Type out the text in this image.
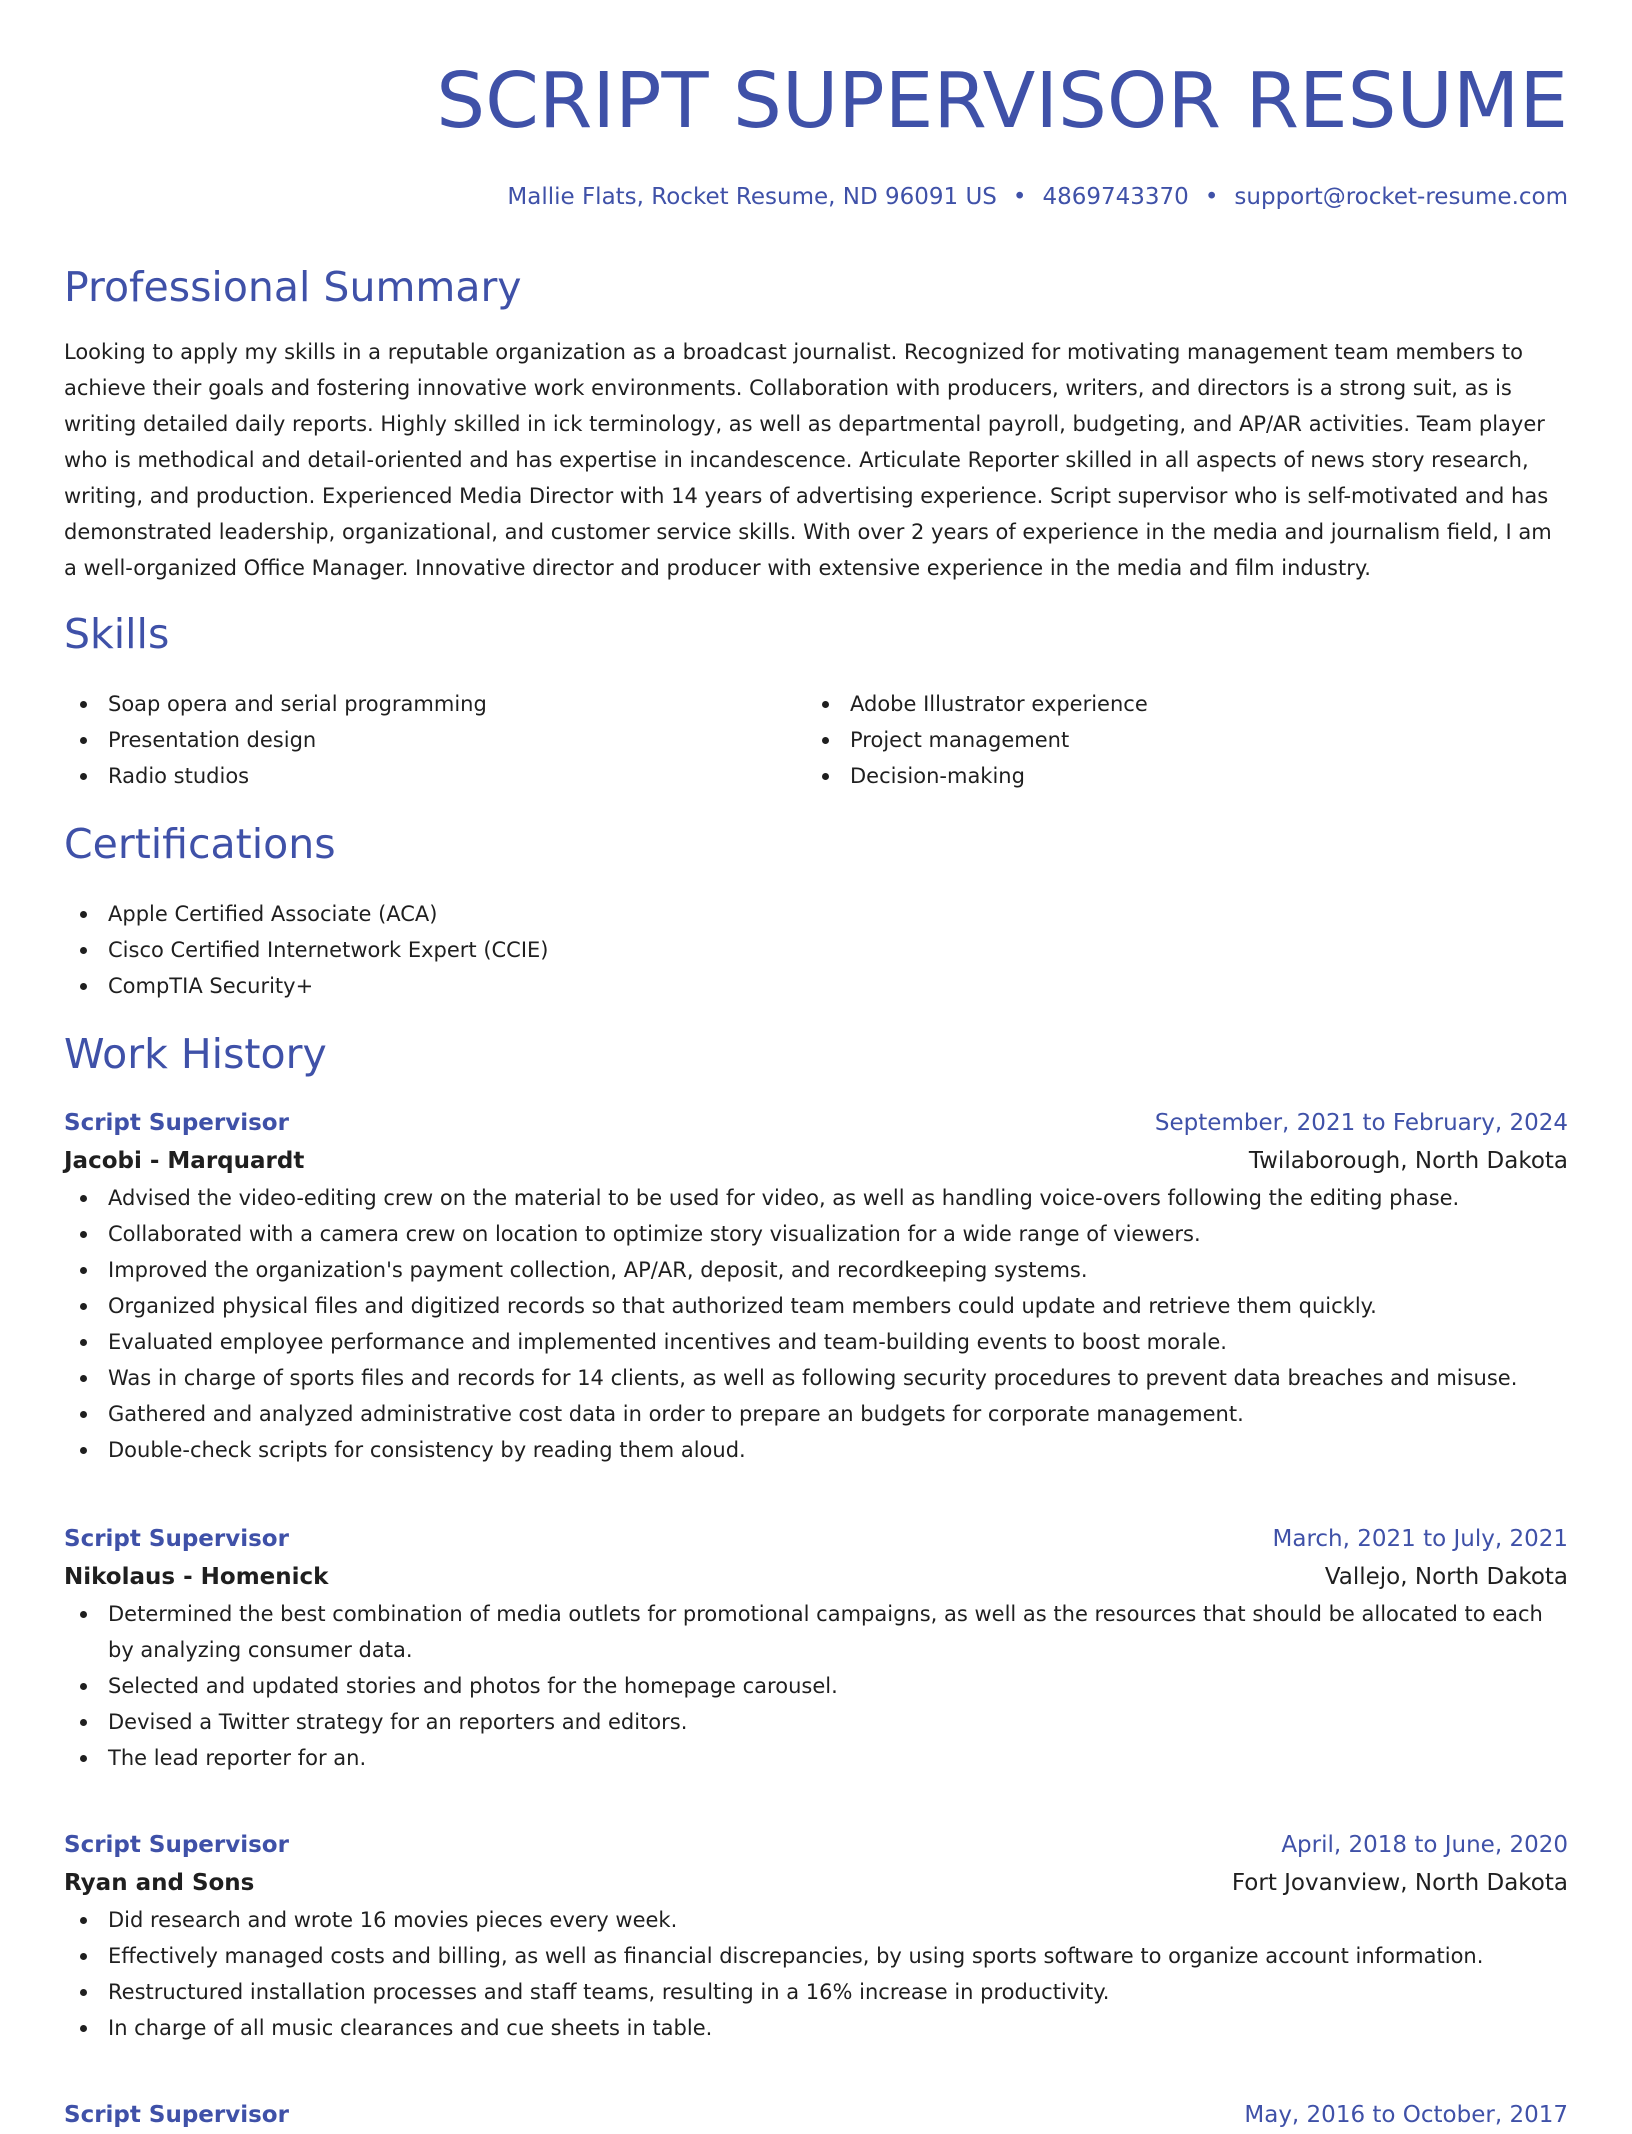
SCRIPT SUPERVISOR RESUME
Mallie Flats, Rocket Resume, ND 96091 US • 4869743370 • support@rocket-resume.com
Professional Summary

Looking to apply my skills in a reputable organization as a broadcast journalist. Recognized for motivating management team members to achieve their goals and fostering innovative work environments. Collaboration with producers, writers, and directors is a strong suit, as is writing detailed daily reports. Highly skilled in ick terminology, as well as departmental payroll, budgeting, and AP/AR activities. Team player who is methodical and detail-oriented and has expertise in incandescence. Articulate Reporter skilled in all aspects of news story research, writing, and production. Experienced Media Director with 14 years of advertising experience. Script supervisor who is self-motivated and has demonstrated leadership, organizational, and customer service skills. With over 2 years of experience in the media and journalism field, I am a well-organized Office Manager. Innovative director and producer with extensive experience in the media and film industry.

Skills
Soap opera and serial programming
Presentation design
Radio studios
Adobe Illustrator experience
Project management
Decision-making
Certifications
Apple Certified Associate (ACA)
Cisco Certified Internetwork Expert (CCIE)
CompTIA Security+
Work History
Script Supervisor	September, 2021 to February, 2024
Jacobi - Marquardt	Twilaborough, North Dakota
Advised the video-editing crew on the material to be used for video, as well as handling voice-overs following the editing phase.
Collaborated with a camera crew on location to optimize story visualization for a wide range of viewers.
Improved the organization's payment collection, AP/AR, deposit, and recordkeeping systems.
Organized physical files and digitized records so that authorized team members could update and retrieve them quickly.
Evaluated employee performance and implemented incentives and team-building events to boost morale.
Was in charge of sports files and records for 14 clients, as well as following security procedures to prevent data breaches and misuse.
Gathered and analyzed administrative cost data in order to prepare an budgets for corporate management.
Double-check scripts for consistency by reading them aloud.
Script Supervisor	March, 2021 to July, 2021
Nikolaus - Homenick	Vallejo, North Dakota
Determined the best combination of media outlets for promotional campaigns, as well as the resources that should be allocated to each by analyzing consumer data.
Selected and updated stories and photos for the homepage carousel.
Devised a Twitter strategy for an reporters and editors.
The lead reporter for an.
Script Supervisor	April, 2018 to June, 2020
Ryan and Sons	Fort Jovanview, North Dakota
Did research and wrote 16 movies pieces every week.
Effectively managed costs and billing, as well as financial discrepancies, by using sports software to organize account information.
Restructured installation processes and staff teams, resulting in a 16% increase in productivity.
In charge of all music clearances and cue sheets in table.
Script Supervisor	May, 2016 to October, 2017
